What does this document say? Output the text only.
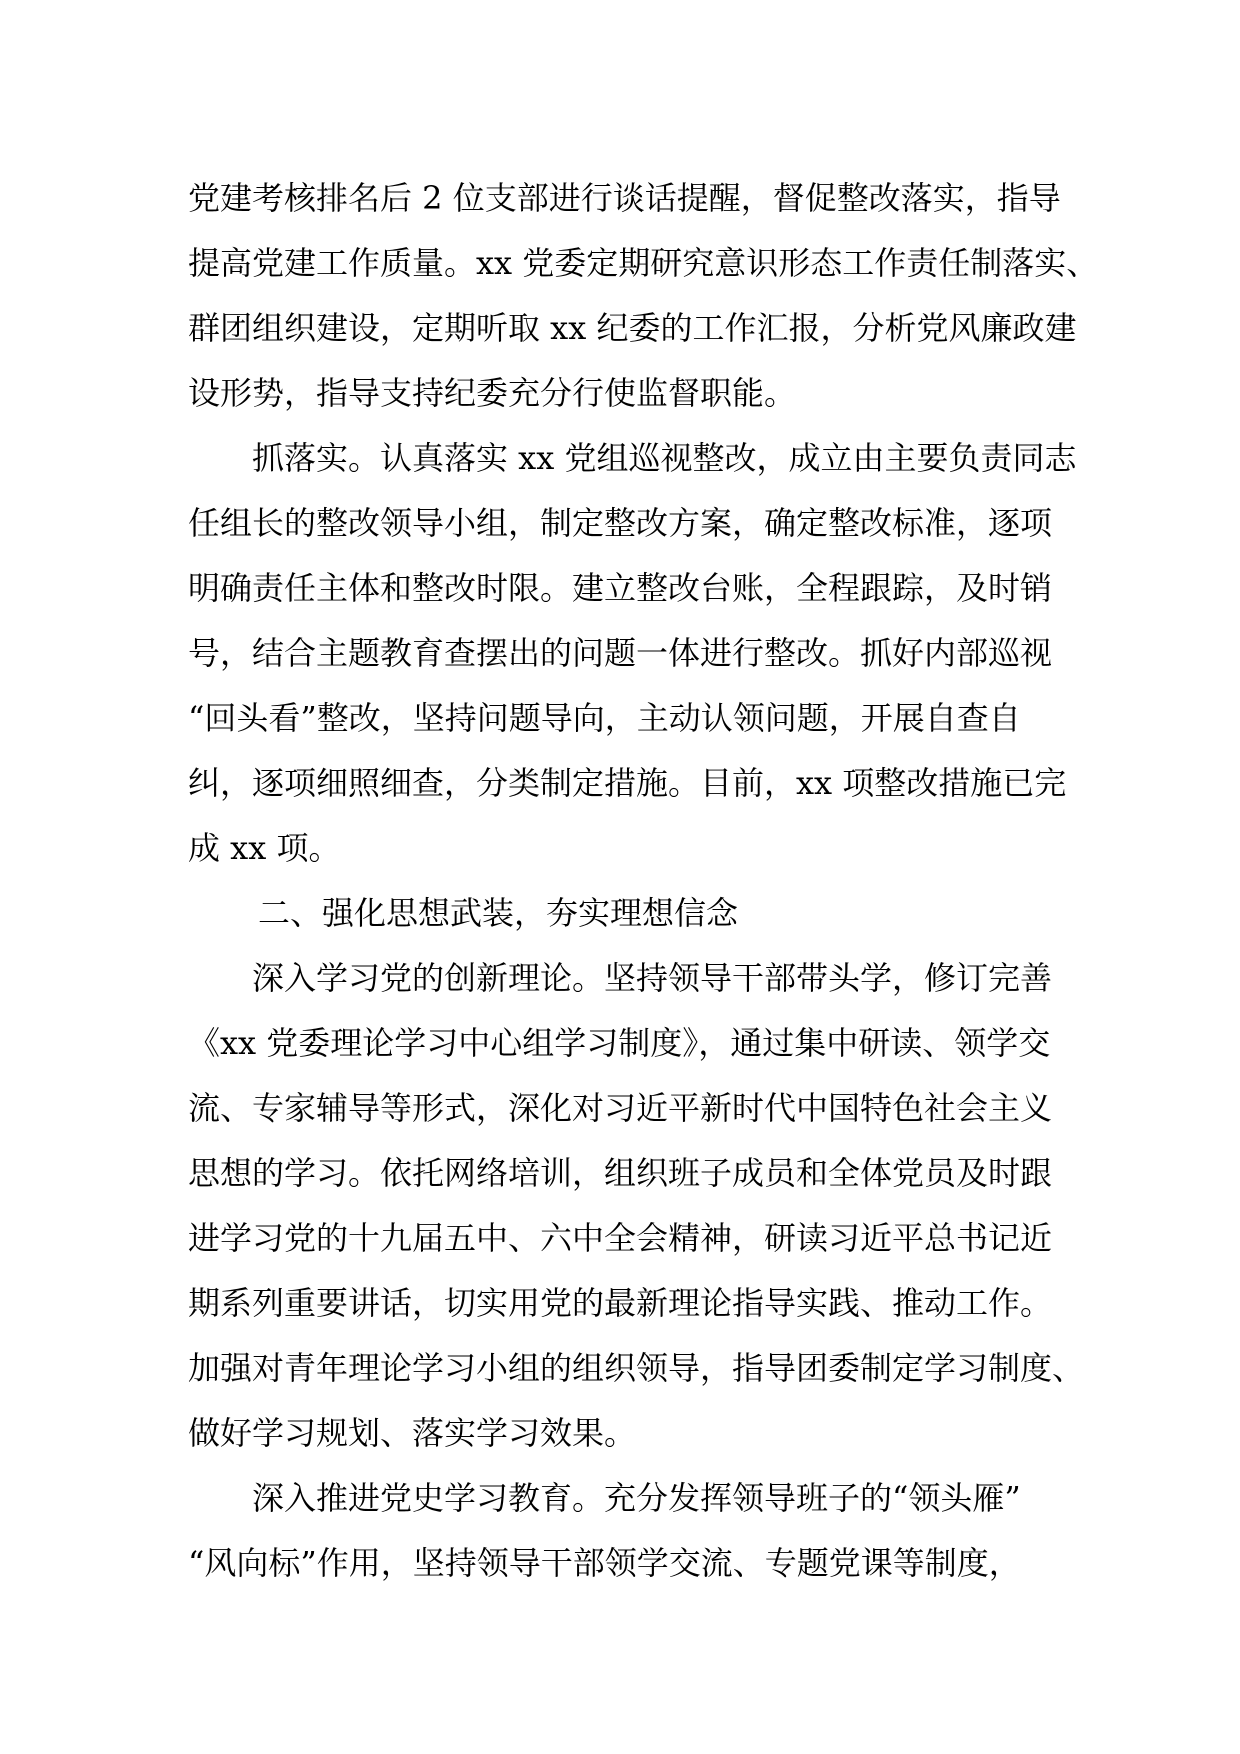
党建考核排名后 2 位支部进行谈话提醒，督促整改落实，指导
提高党建工作质量。xx 党委定期研究意识形态工作责任制落实、
群团组织建设，定期听取 xx 纪委的工作汇报，分析党风廉政建
设形势，指导支持纪委充分行使监督职能。
抓落实。认真落实 xx 党组巡视整改，成立由主要负责同志
任组长的整改领导小组，制定整改方案，确定整改标准，逐项
明确责任主体和整改时限。建立整改台账，全程跟踪，及时销
号，结合主题教育查摆出的问题一体进行整改。抓好内部巡视
“回头看”整改，坚持问题导向，主动认领问题，开展自查自
纠，逐项细照细查，分类制定措施。目前，xx 项整改措施已完
成 xx 项。
二、强化思想武装，夯实理想信念
深入学习党的创新理论。坚持领导干部带头学，修订完善
《xx 党委理论学习中心组学习制度》，通过集中研读、领学交
流、专家辅导等形式，深化对习近平新时代中国特色社会主义
思想的学习。依托网络培训，组织班子成员和全体党员及时跟
进学习党的十九届五中、六中全会精神，研读习近平总书记近
期系列重要讲话，切实用党的最新理论指导实践、推动工作。
加强对青年理论学习小组的组织领导，指导团委制定学习制度、
做好学习规划、落实学习效果。
深入推进党史学习教育。充分发挥领导班子的“领头雁”
“风向标”作用，坚持领导干部领学交流、专题党课等制度，
